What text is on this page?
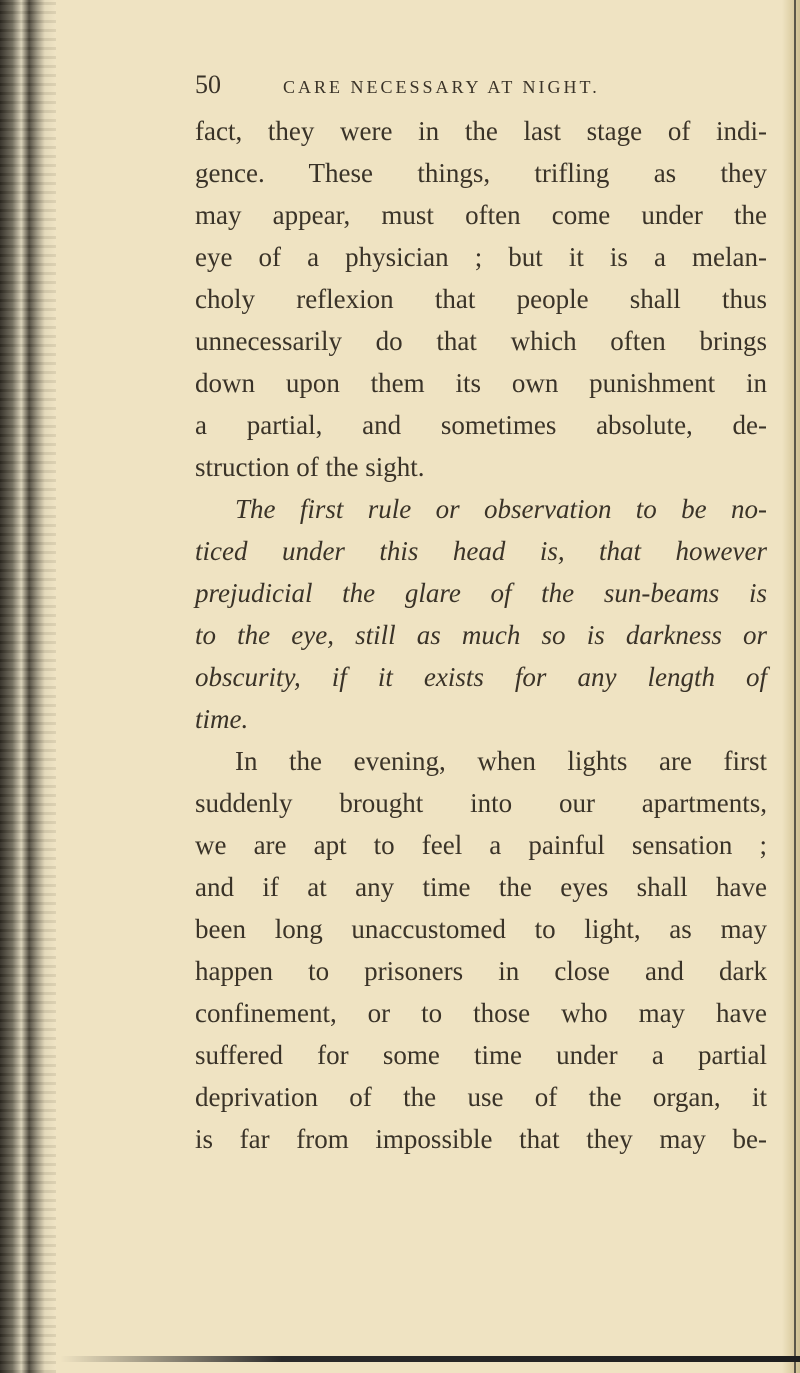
50	CARE NECESSARY AT NIGHT.
fact, they were in the last stage of indi-
gence. These things, trifling as they
may appear, must often come under the
eye of a physician ; but it is a melan-
choly reflexion that people shall thus
unnecessarily do that which often brings
down upon them its own punishment in
a partial, and sometimes absolute, de-
struction of the sight.
The first rule or observation to be no-
ticed under this head is, that however
prejudicial the glare of the sun-beams is
to the eye, still as much so is darkness or
obscurity, if it exists for any length of
time.
In the evening, when lights are first
suddenly brought into our apartments,
we are apt to feel a painful sensation ;
and if at any time the eyes shall have
been long unaccustomed to light, as may
happen to prisoners in close and dark
confinement, or to those who may have
suffered for some time under a partial
deprivation of the use of the organ, it
is far from impossible that they may be-
